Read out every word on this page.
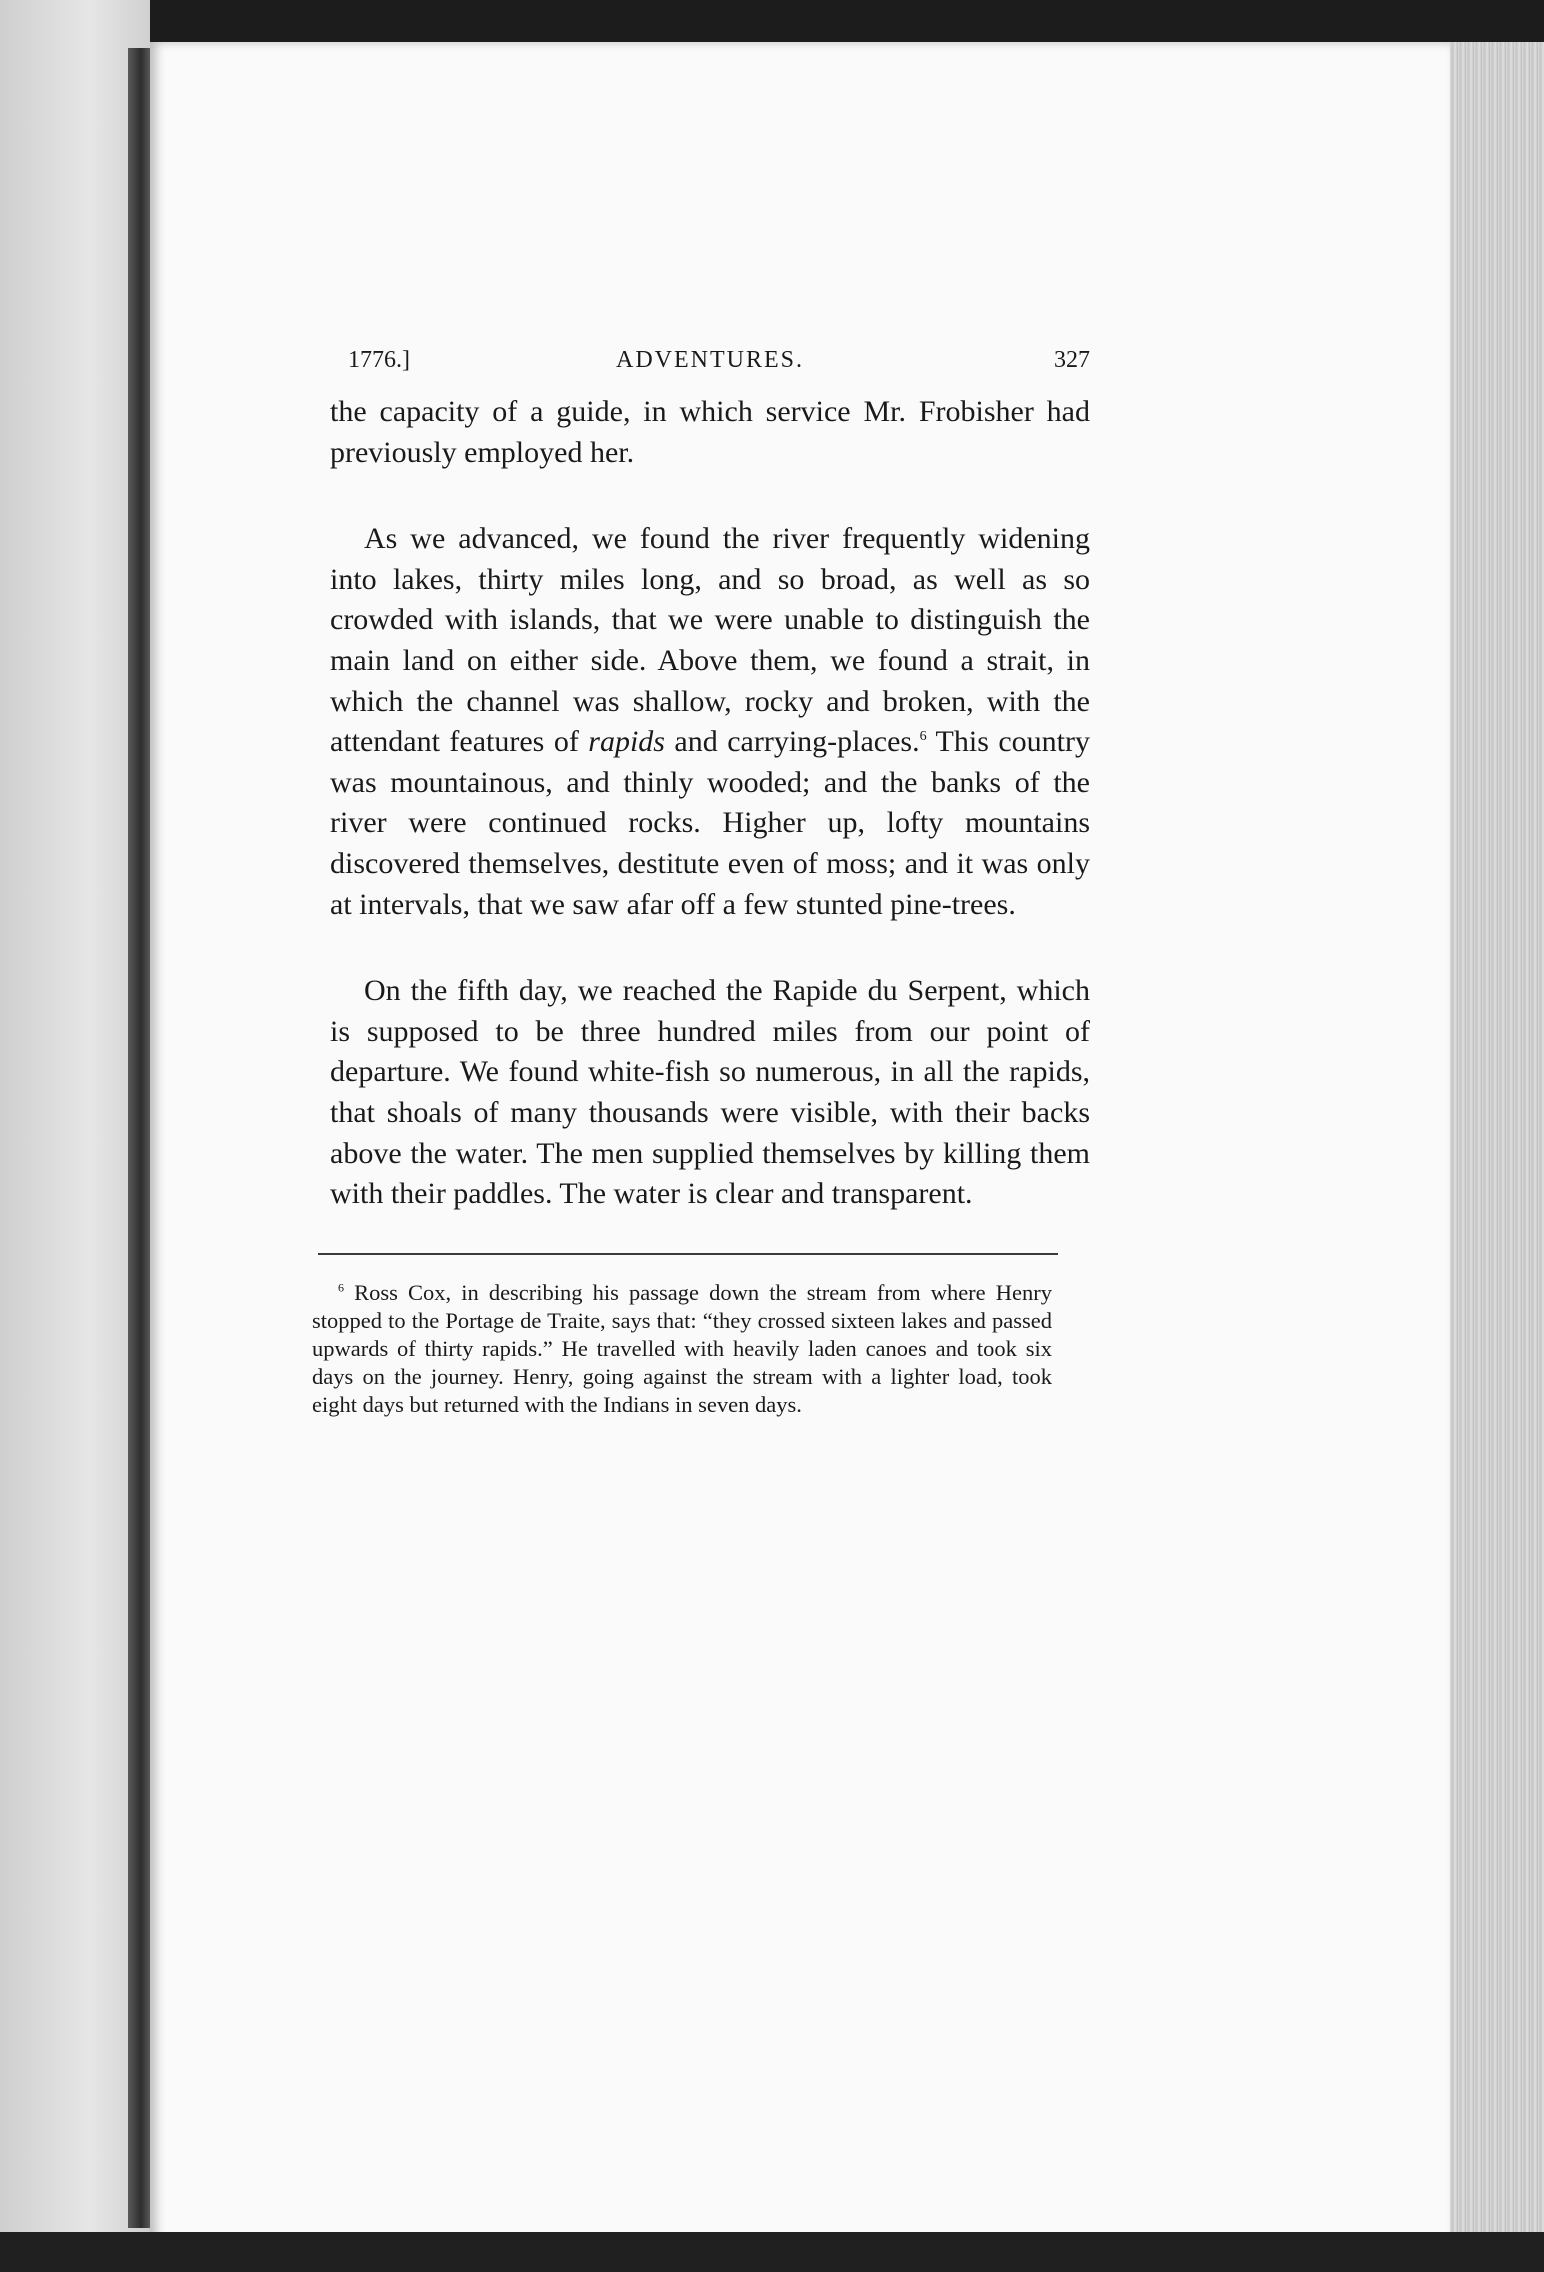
1776.]	ADVENTURES.	327

the capacity of a guide, in which service Mr. Frobisher had previously employed her.

As we advanced, we found the river frequently widening into lakes, thirty miles long, and so broad, as well as so crowded with islands, that we were unable to distinguish the main land on either side. Above them, we found a strait, in which the channel was shallow, rocky and broken, with the attendant features of rapids and carrying-places.$^6$ This country was mountainous, and thinly wooded; and the banks of the river were continued rocks. Higher up, lofty mountains discovered themselves, destitute even of moss; and it was only at intervals, that we saw afar off a few stunted pine-trees.

On the fifth day, we reached the Rapide du Serpent, which is supposed to be three hundred miles from our point of departure. We found white-fish so numerous, in all the rapids, that shoals of many thousands were visible, with their backs above the water. The men supplied themselves by killing them with their paddles. The water is clear and transparent.

$^6$ Ross Cox, in describing his passage down the stream from where Henry stopped to the Portage de Traite, says that: “they crossed sixteen lakes and passed upwards of thirty rapids.” He travelled with heavily laden canoes and took six days on the journey. Henry, going against the stream with a lighter load, took eight days but returned with the Indians in seven days.
